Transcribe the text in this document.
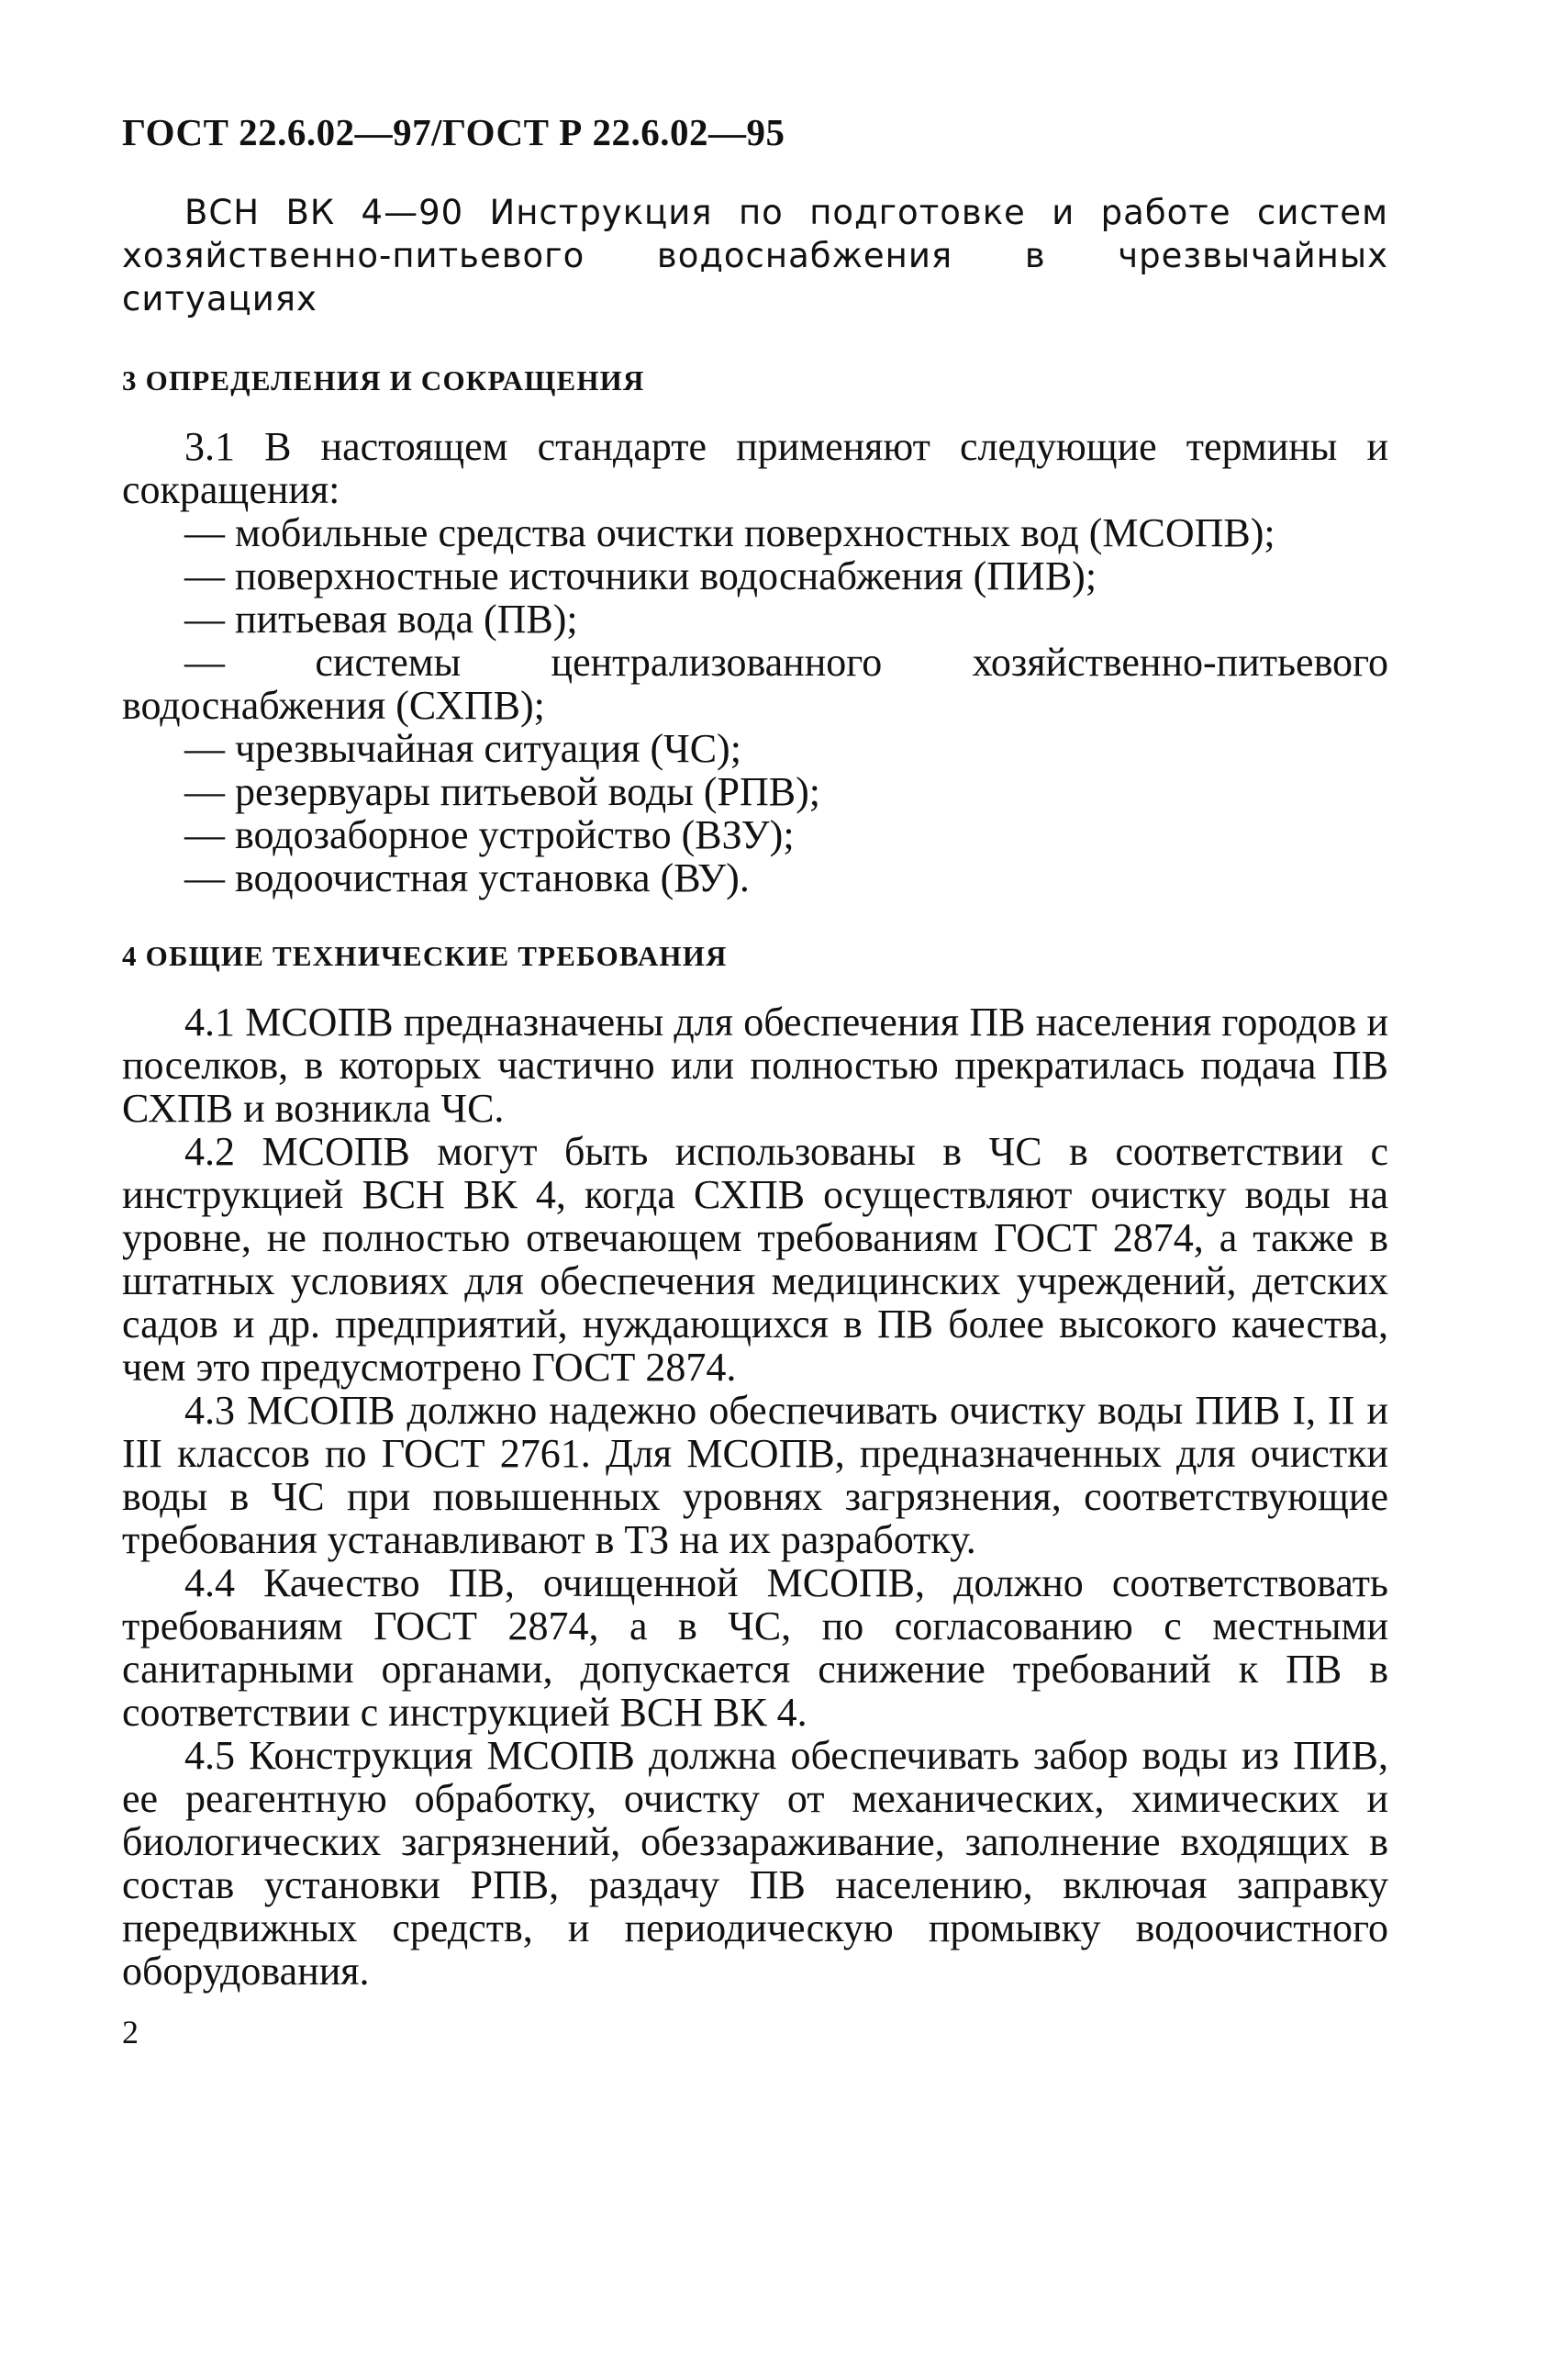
ГОСТ 22.6.02—97/ГОСТ Р 22.6.02—95

ВСН ВК 4—90 Инструкция по подготовке и работе систем хозяйственно-питьевого водоснабжения в чрезвычайных ситуациях

3 ОПРЕДЕЛЕНИЯ И СОКРАЩЕНИЯ

3.1 В настоящем стандарте применяют следующие термины и сокращения:

— мобильные средства очистки поверхностных вод (МСОПВ);
— поверхностные источники водоснабжения (ПИВ);
— питьевая вода (ПВ);
— системы централизованного хозяйственно-питьевого водоснабжения (СХПВ);
— чрезвычайная ситуация (ЧС);
— резервуары питьевой воды (РПВ);
— водозаборное устройство (ВЗУ);
— водоочистная установка (ВУ).
4 ОБЩИЕ ТЕХНИЧЕСКИЕ ТРЕБОВАНИЯ

4.1 МСОПВ предназначены для обеспечения ПВ населения городов и поселков, в которых частично или полностью прекратилась подача ПВ СХПВ и возникла ЧС.

4.2 МСОПВ могут быть использованы в ЧС в соответствии с инструкцией ВСН ВК 4, когда СХПВ осуществляют очистку воды на уровне, не полностью отвечающем требованиям ГОСТ 2874, а также в штатных условиях для обеспечения медицинских учреждений, детских садов и др. предприятий, нуждающихся в ПВ более высокого качества, чем это предусмотрено ГОСТ 2874.

4.3 МСОПВ должно надежно обеспечивать очистку воды ПИВ I, II и III классов по ГОСТ 2761. Для МСОПВ, предназначенных для очистки воды в ЧС при повышенных уровнях загрязнения, соответствующие требования устанавливают в ТЗ на их разработку.

4.4 Качество ПВ, очищенной МСОПВ, должно соответствовать требованиям ГОСТ 2874, а в ЧС, по согласованию с местными санитарными органами, допускается снижение требований к ПВ в соответствии с инструкцией ВСН ВК 4.

4.5 Конструкция МСОПВ должна обеспечивать забор воды из ПИВ, ее реагентную обработку, очистку от механических, химических и биологических загрязнений, обеззараживание, заполнение входящих в состав установки РПВ, раздачу ПВ населению, включая заправку передвижных средств, и периодическую промывку водоочистного оборудования.

2
